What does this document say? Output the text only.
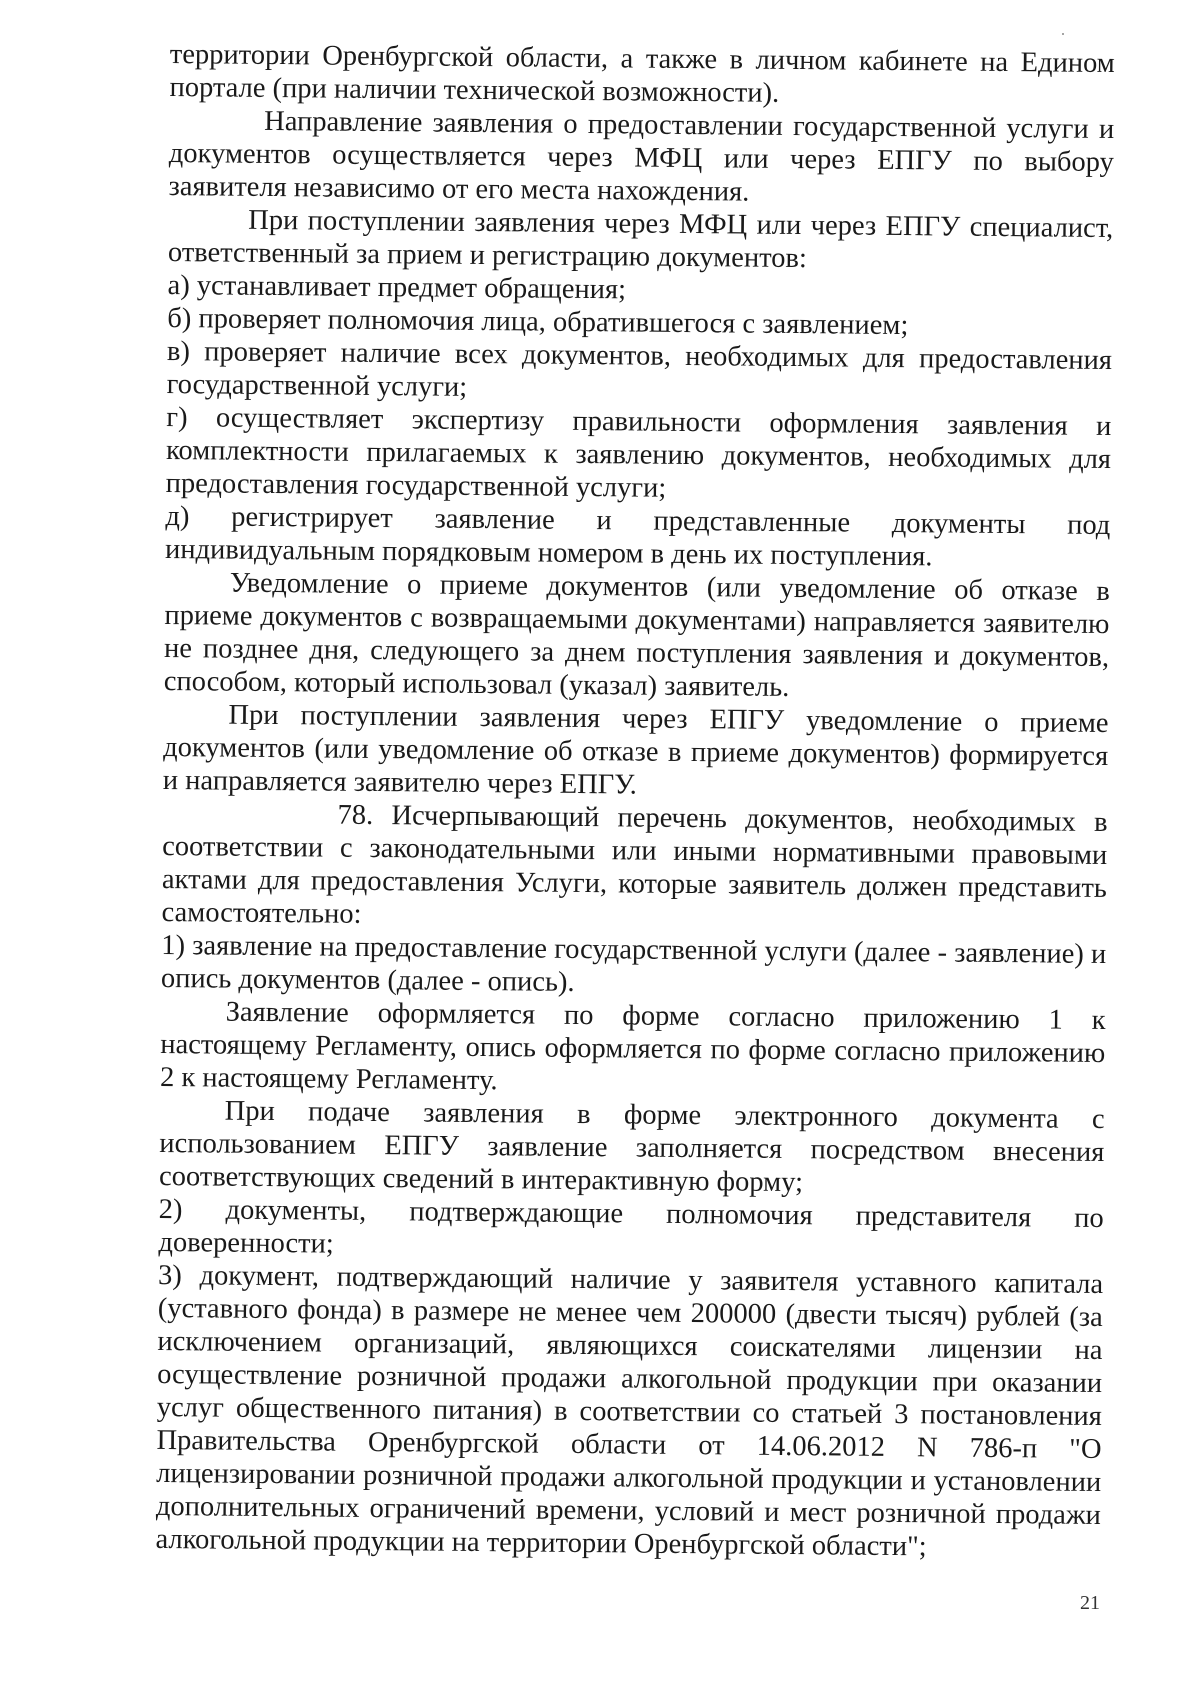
территории Оренбургской области, а также в личном кабинете на Едином портале (при наличии технической возможности).

Направление заявления о предоставлении государственной услуги и документов осуществляется через МФЦ или через ЕПГУ по выбору заявителя независимо от его места нахождения.

При поступлении заявления через МФЦ или через ЕПГУ специалист, ответственный за прием и регистрацию документов:

а) устанавливает предмет обращения;

б) проверяет полномочия лица, обратившегося с заявлением;

в) проверяет наличие всех документов, необходимых для предоставления государственной услуги;

г) осуществляет экспертизу правильности оформления заявления и комплектности прилагаемых к заявлению документов, необходимых для предоставления государственной услуги;

д) регистрирует заявление и представленные документы под индивидуальным порядковым номером в день их поступления.

Уведомление о приеме документов (или уведомление об отказе в приеме документов с возвращаемыми документами) направляется заявителю не позднее дня, следующего за днем поступления заявления и документов, способом, который использовал (указал) заявитель.

При поступлении заявления через ЕПГУ уведомление о приеме документов (или уведомление об отказе в приеме документов) формируется и направляется заявителю через ЕПГУ.

78. Исчерпывающий перечень документов, необходимых в соответствии с законодательными или иными нормативными правовыми актами для предоставления Услуги, которые заявитель должен представить самостоятельно:

1) заявление на предоставление государственной услуги (далее - заявление) и опись документов (далее - опись).

Заявление оформляется по форме согласно приложению 1 к настоящему Регламенту, опись оформляется по форме согласно приложению 2 к настоящему Регламенту.

При подаче заявления в форме электронного документа с использованием ЕПГУ заявление заполняется посредством внесения соответствующих сведений в интерактивную форму;

2) документы, подтверждающие полномочия представителя по доверенности;

3) документ, подтверждающий наличие у заявителя уставного капитала (уставного фонда) в размере не менее чем 200000 (двести тысяч) рублей (за исключением организаций, являющихся соискателями лицензии на осуществление розничной продажи алкогольной продукции при оказании услуг общественного питания) в соответствии со статьей 3 постановления Правительства Оренбургской области от 14.06.2012 N 786-п "О лицензировании розничной продажи алкогольной продукции и установлении дополнительных ограничений времени, условий и мест розничной продажи алкогольной продукции на территории Оренбургской области";

21
